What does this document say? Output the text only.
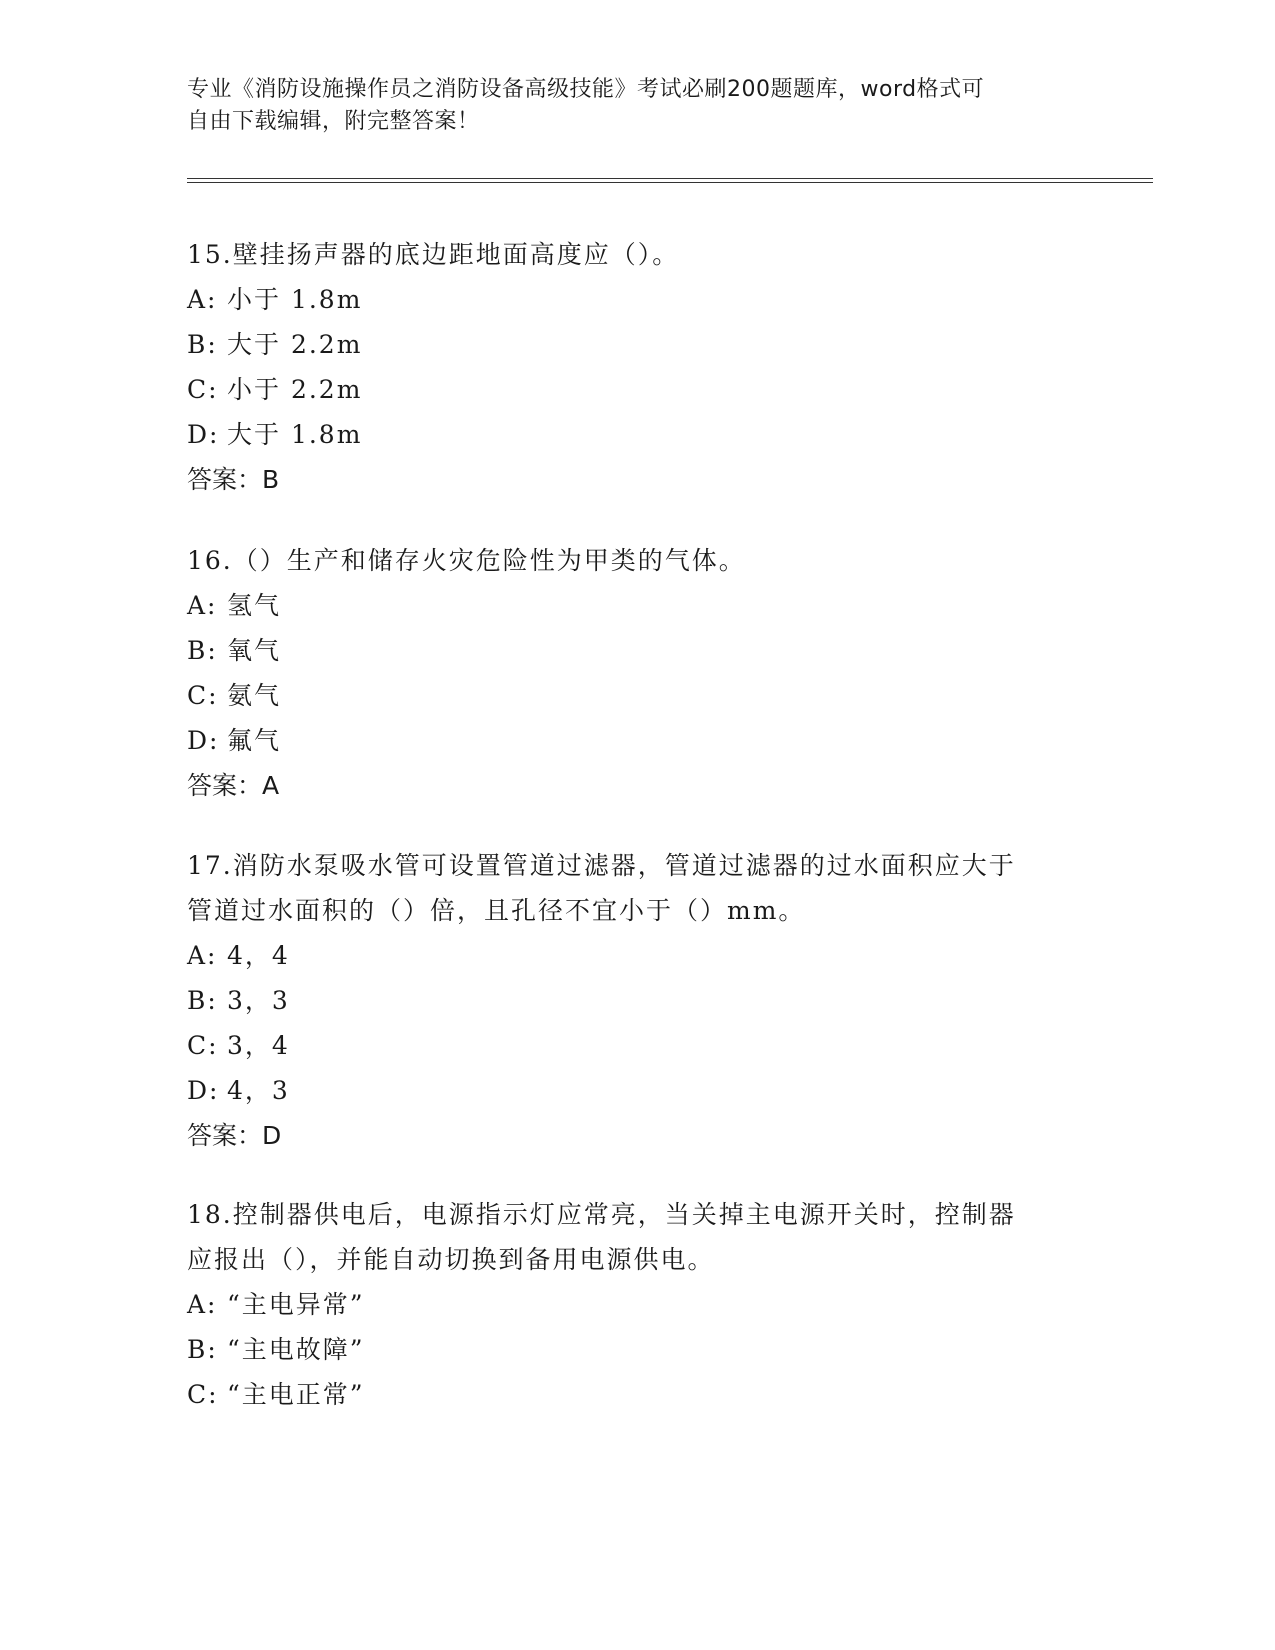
专业《消防设施操作员之消防设备高级技能》考试必刷200题题库，word格式可
自由下载编辑，附完整答案！

15.壁挂扬声器的底边距地面高度应（）。

A: 小于 1.8m

B: 大于 2.2m

C: 小于 2.2m

D: 大于 1.8m

答案：B

16.（）生产和储存火灾危险性为甲类的气体。

A: 氢气

B: 氧气

C: 氨气

D: 氟气

答案：A

17.消防水泵吸水管可设置管道过滤器，管道过滤器的过水面积应大于

管道过水面积的（）倍，且孔径不宜小于（）mm。

A: 4，4

B: 3，3

C: 3，4

D: 4，3

答案：D

18.控制器供电后，电源指示灯应常亮，当关掉主电源开关时，控制器

应报出（），并能自动切换到备用电源供电。

A: “主电异常”

B: “主电故障”

C: “主电正常”
